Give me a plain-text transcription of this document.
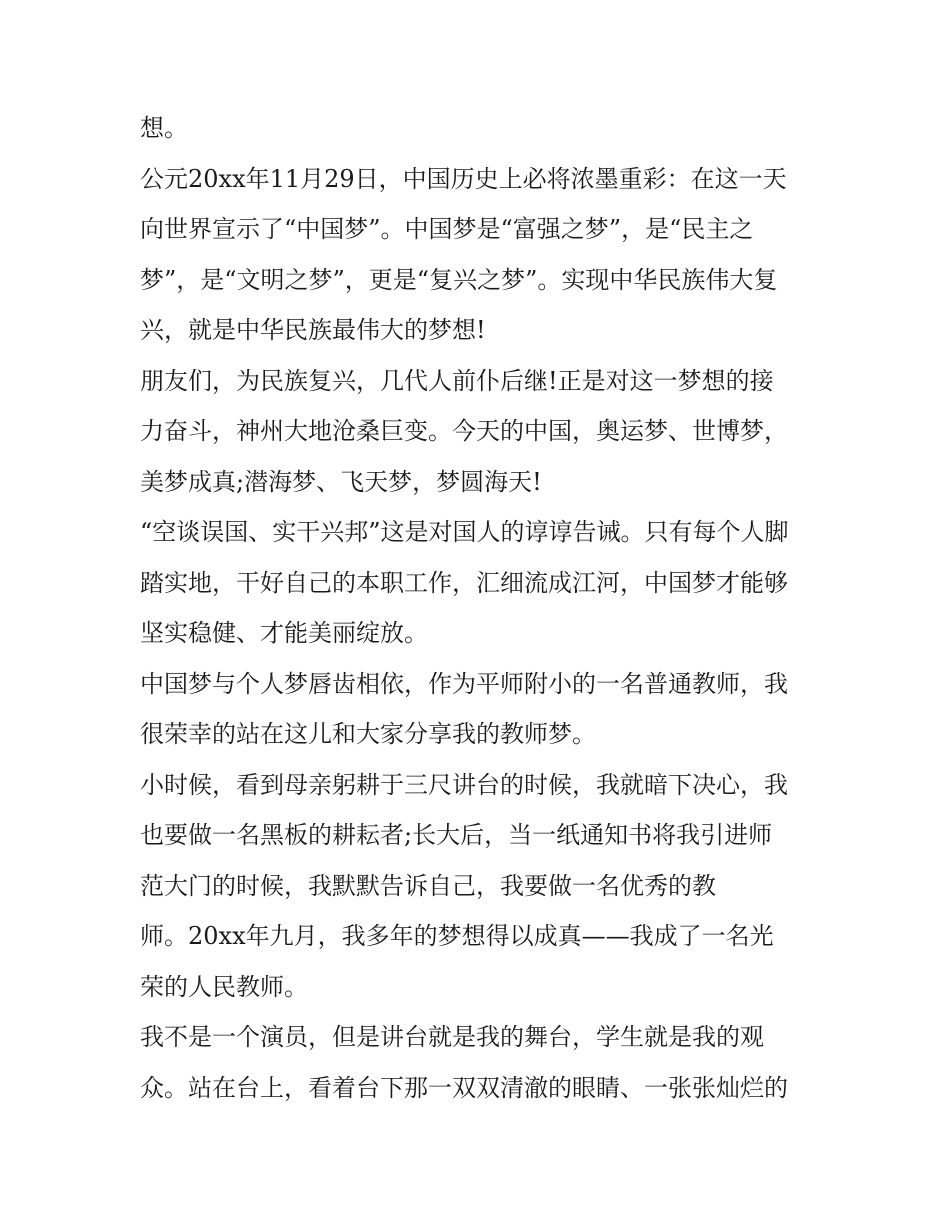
想。
公元20xx年11月29日，中国历史上必将浓墨重彩：在这一天
向世界宣示了“中国梦”。中国梦是“富强之梦”，是“民主之
梦”，是“文明之梦”，更是“复兴之梦”。实现中华民族伟大复
兴，就是中华民族最伟大的梦想!
朋友们，为民族复兴，几代人前仆后继!正是对这一梦想的接
力奋斗，神州大地沧桑巨变。今天的中国，奥运梦、世博梦，
美梦成真;潜海梦、飞天梦，梦圆海天!
“空谈误国、实干兴邦”这是对国人的谆谆告诫。只有每个人脚
踏实地，干好自己的本职工作，汇细流成江河，中国梦才能够
坚实稳健、才能美丽绽放。
中国梦与个人梦唇齿相依，作为平师附小的一名普通教师，我
很荣幸的站在这儿和大家分享我的教师梦。
小时候，看到母亲躬耕于三尺讲台的时候，我就暗下决心，我
也要做一名黑板的耕耘者;长大后，当一纸通知书将我引进师
范大门的时候，我默默告诉自己，我要做一名优秀的教
师。20xx年九月，我多年的梦想得以成真——我成了一名光
荣的人民教师。
我不是一个演员，但是讲台就是我的舞台，学生就是我的观
众。站在台上，看着台下那一双双清澈的眼睛、一张张灿烂的
